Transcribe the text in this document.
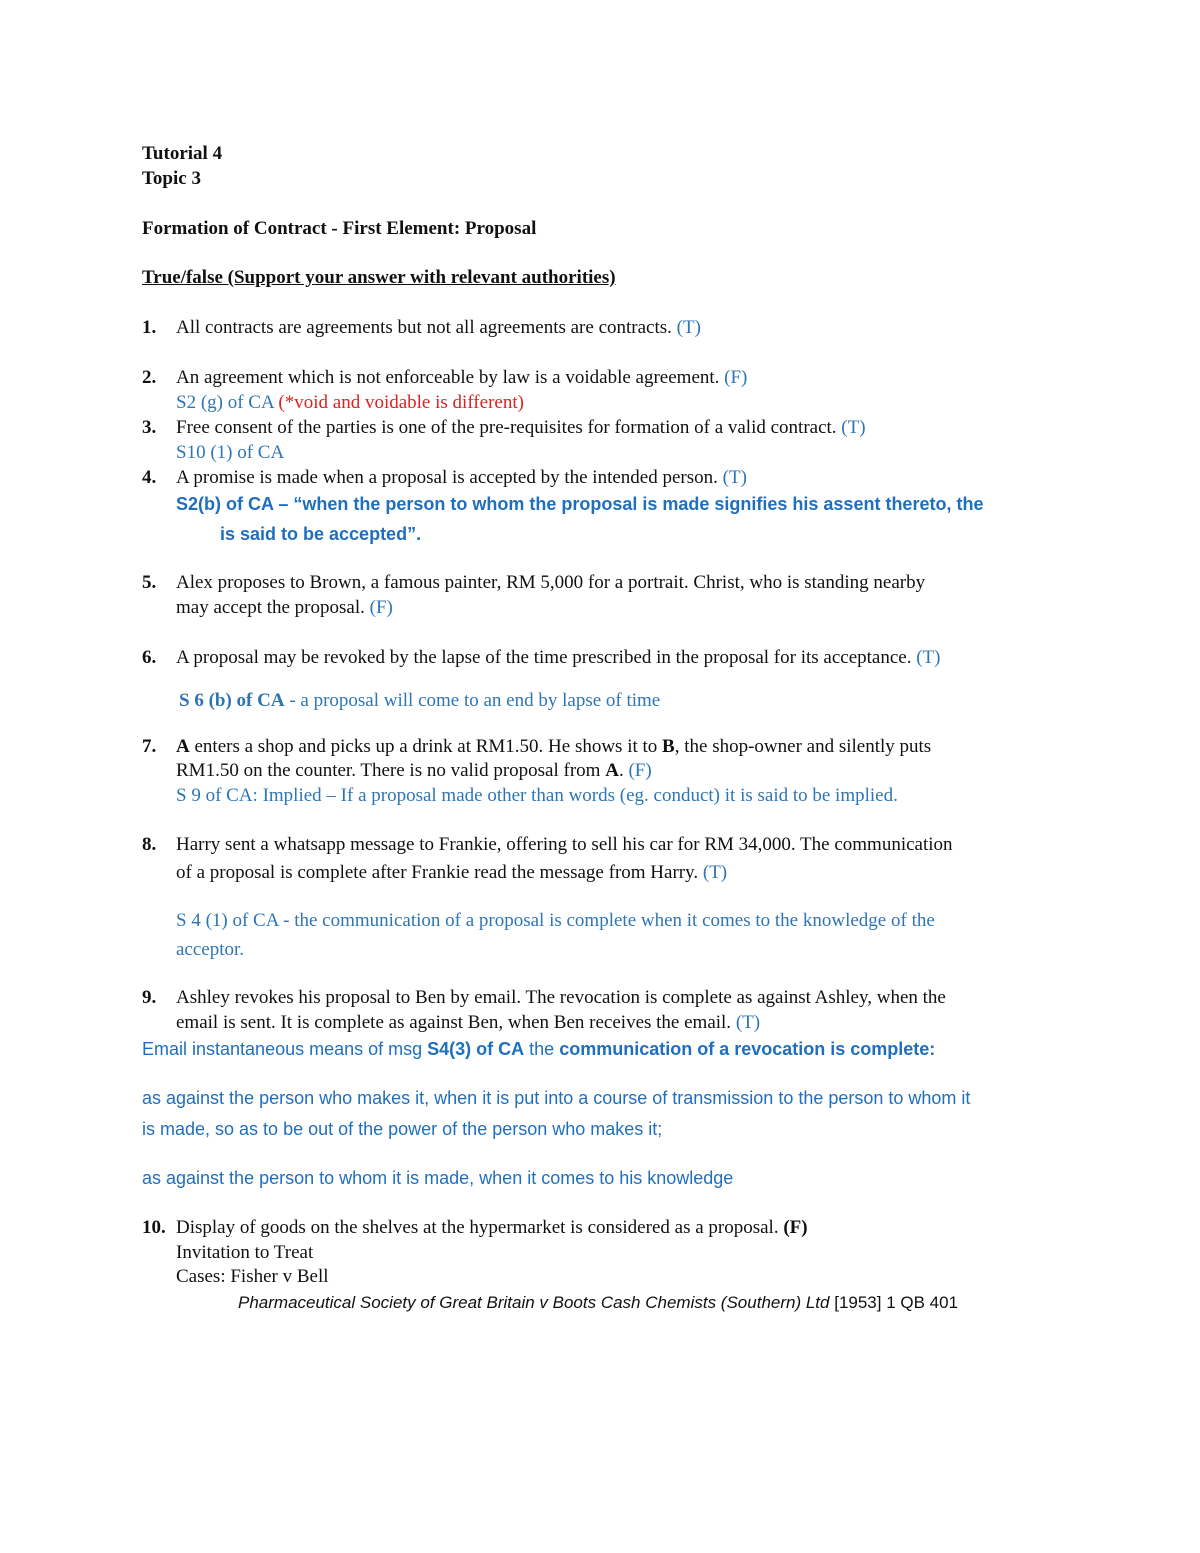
Tutorial 4
Topic 3
Formation of Contract - First Element: Proposal
True/false (Support your answer with relevant authorities)
1. All contracts are agreements but not all agreements are contracts. (T)
2. An agreement which is not enforceable by law is a voidable agreement. (F)
S2 (g) of CA (*void and voidable is different)
3. Free consent of the parties is one of the pre-requisites for formation of a valid contract. (T)
S10 (1) of CA
4. A promise is made when a proposal is accepted by the intended person. (T)
S2(b) of CA – “when the person to whom the proposal is made signifies his assent thereto, the
is said to be accepted”.
5. Alex proposes to Brown, a famous painter, RM 5,000 for a portrait. Christ, who is standing nearby
may accept the proposal. (F)
6. A proposal may be revoked by the lapse of the time prescribed in the proposal for its acceptance. (T)
S 6 (b) of CA - a proposal will come to an end by lapse of time
7. A enters a shop and picks up a drink at RM1.50. He shows it to B, the shop-owner and silently puts
RM1.50 on the counter. There is no valid proposal from A. (F)
S 9 of CA: Implied – If a proposal made other than words (eg. conduct) it is said to be implied.
8. Harry sent a whatsapp message to Frankie, offering to sell his car for RM 34,000. The communication
of a proposal is complete after Frankie read the message from Harry. (T)
S 4 (1) of CA - the communication of a proposal is complete when it comes to the knowledge of the
acceptor.
9. Ashley revokes his proposal to Ben by email. The revocation is complete as against Ashley, when the
email is sent. It is complete as against Ben, when Ben receives the email. (T)
Email instantaneous means of msg S4(3) of CA the communication of a revocation is complete:
as against the person who makes it, when it is put into a course of transmission to the person to whom it
is made, so as to be out of the power of the person who makes it;
as against the person to whom it is made, when it comes to his knowledge
10. Display of goods on the shelves at the hypermarket is considered as a proposal. (F)
Invitation to Treat
Cases: Fisher v Bell
Pharmaceutical Society of Great Britain v Boots Cash Chemists (Southern) Ltd [1953] 1 QB 401
